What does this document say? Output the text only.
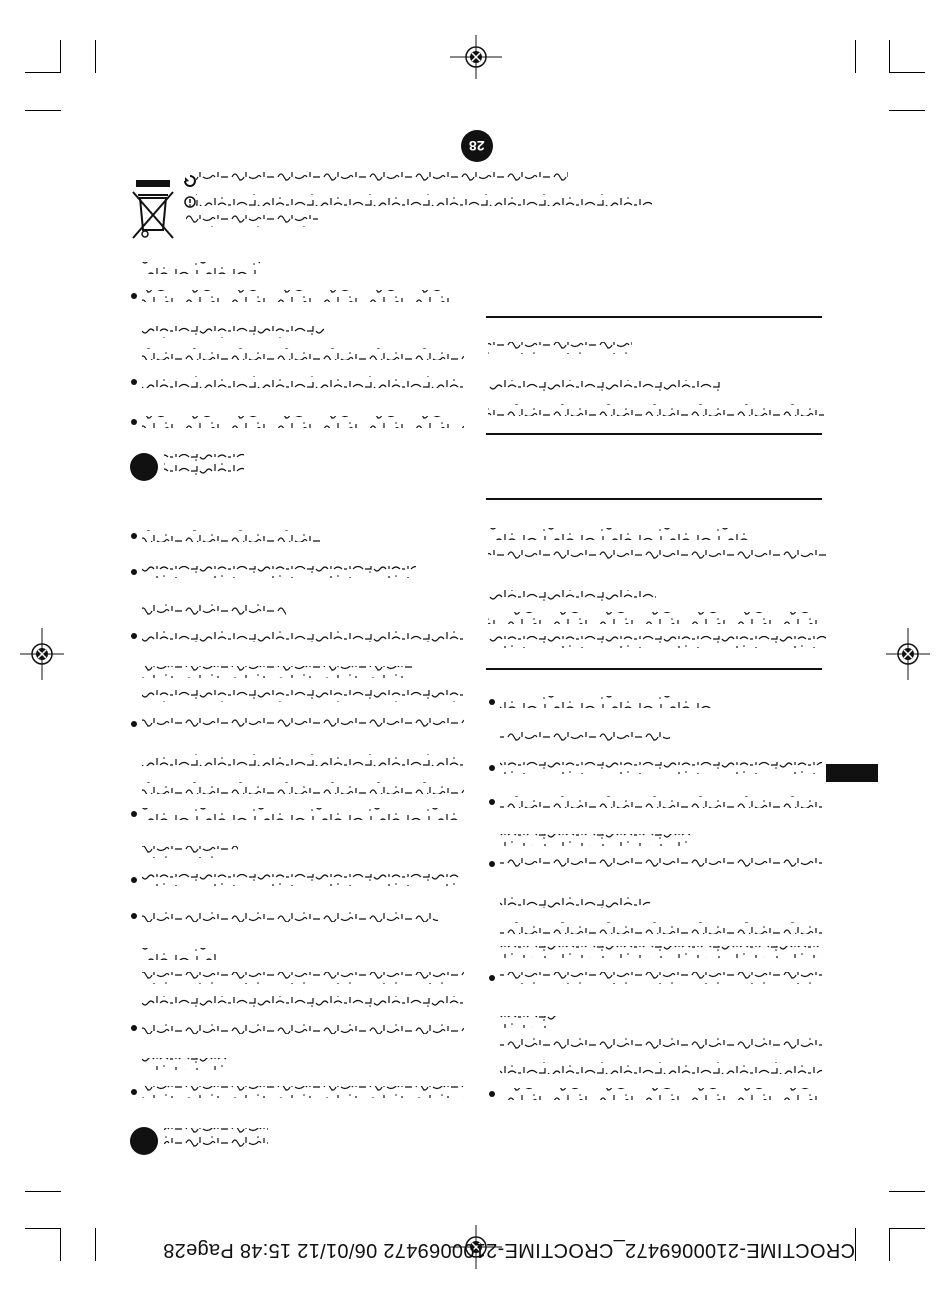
28
CROCTIME-2100069472_CROCTIME-2100069472 06/01/12 15:48 Page28
